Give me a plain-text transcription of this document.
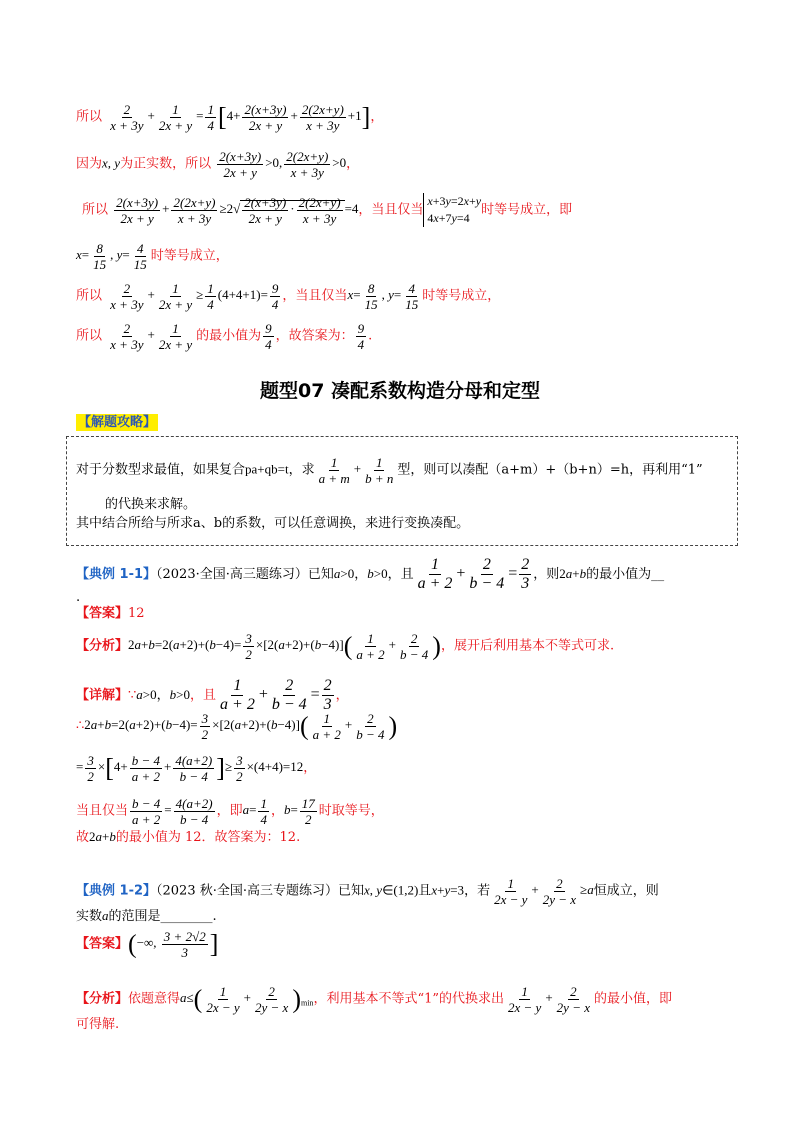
所以 $\frac{2}{x + 3y} + \frac{1}{2x + y} = \frac{1}{4} [4+ \frac{2(x+3y)}{2x + y} + \frac{2(2x+y)}{x + 3y} +1]$，
因为x, y为正实数，所以 $\frac{2(x+3y)}{2x + y} >0$, $\frac{2(2x+y)}{x + 3y} >0$，
所以 $\frac{2(x+3y)}{2x + y} + \frac{2(2x+y)}{x + 3y} \ge 2√ \frac{2(x+3y)}{2x + y} \cdot \frac{2(2x+y)}{x + 3y} =4$，当且仅当x+3y=2x+y
4x+7y=4时等号成立，即
$x= \frac{8}{15}$ , $y= \frac{4}{15}$ 时等号成立，
所以 $\frac{2}{x + 3y} + \frac{1}{2x + y} \ge \frac{1}{4} (4+4+1)= \frac{9}{4}$ ，当且仅当$x= \frac{8}{15}$ , $y= \frac{4}{15}$ 时等号成立，
所以 $\frac{2}{x + 3y} + \frac{1}{2x + y}$ 的最小值为 $\frac{9}{4}$ ，故答案为： $\frac{9}{4}$ .
题型07 凑配系数构造分母和定型
【解题攻略】
对于分数型求最值，如果复合pa+qb=t，求 $\frac{1}{a + m} + \frac{1}{b + n}$ 型，则可以凑配（a+m）+（b+n）=h，再利用“1”
的代换来求解。
其中结合所给与所求a、b的系数，可以任意调换，来进行变换凑配。
【典例 1-1】（2023·全国·高三题练习）已知a>0，b>0，且 $\frac{1}{a + 2} + \frac{2}{b - 4} = \frac{2}{3}$ ，则2a+b的最小值为__
.
【答案】12
【分析】$2a+b=2(a+2)+(b-4)= \frac{3}{2} \times[2(a+2)+(b-4)]( \frac{1}{a + 2} + \frac{2}{b - 4}$ )，展开后利用基本不等式可求.
【详解】∵a>0，b>0，且 $\frac{1}{a + 2} + \frac{2}{b - 4} = \frac{2}{3}$ ，
∴2a+b=2(a+2)+(b−4)= $\frac{3}{2} \times[2(a+2)+(b-4)]( \frac{1}{a + 2} + \frac{2}{b - 4}$ )
= $\frac{3}{2} \times[4+ \frac{b - 4}{a + 2} + \frac{4(a+2)}{b - 4}$ ]≥ $\frac{3}{2} \times(4+4)=12$，
当且仅当 $\frac{b - 4}{a + 2} = \frac{4(a+2)}{b - 4}$ ，即$a= \frac{1}{4}$ ，$b= \frac{17}{2}$ 时取等号，
故2a+b的最小值为 12．故答案为：12.
【典例 1-2】（2023 秋·全国·高三专题练习）已知x, y∈(1,2)且x+y=3，若 $\frac{1}{2x - y} + \frac{2}{2y - x} \ge a$恒成立，则
实数a的范围是________.
【答案】(−∞, $\frac{3 + 2√2}{3}$ ]
【分析】依题意得$a\le( \frac{1}{2x - y} + \frac{2}{2y - x} )_{min}$，利用基本不等式“1”的代换求出 $\frac{1}{2x - y} + \frac{2}{2y - x}$ 的最小值，即
可得解.
